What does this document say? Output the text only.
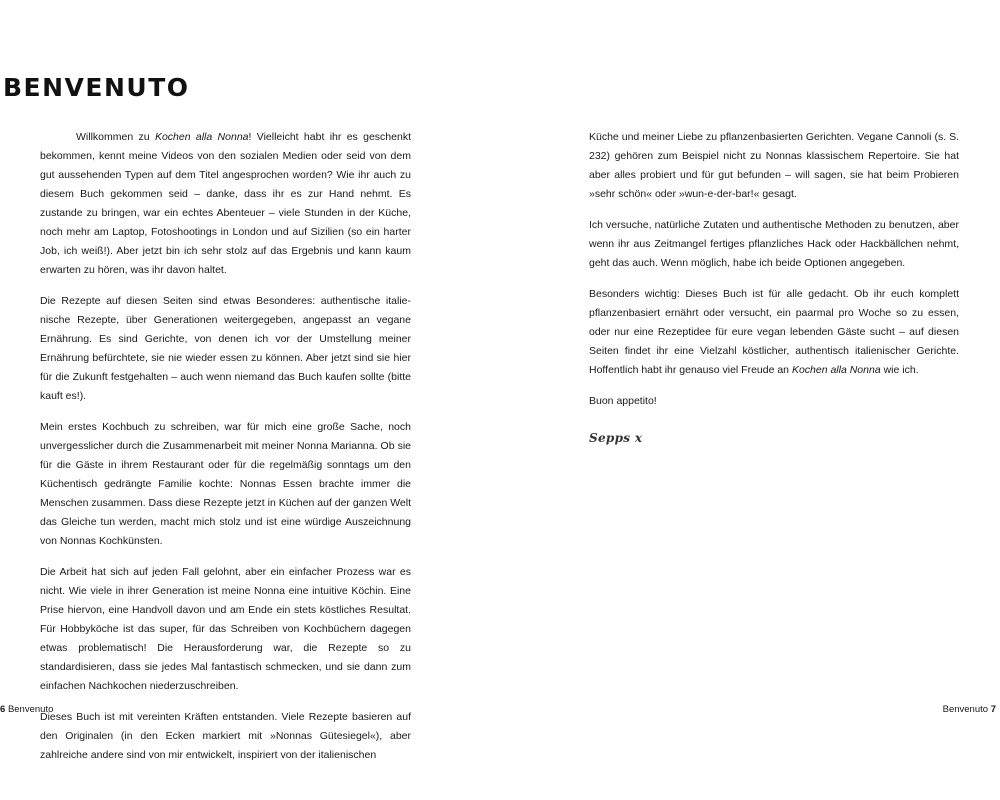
BENVENUTO

Willkommen zu Kochen alla Nonna! Vielleicht habt ihr es geschenkt bekommen, kennt meine Videos von den sozialen Medien oder seid von dem gut aussehenden Typen auf dem Titel angesprochen worden? Wie ihr auch zu diesem Buch gekommen seid – danke, dass ihr es zur Hand nehmt. Es zustande zu bringen, war ein echtes Abenteuer – viele Stunden in der Küche, noch mehr am Laptop, Fotoshootings in London und auf Sizilien (so ein harter Job, ich weiß!). Aber jetzt bin ich sehr stolz auf das Ergebnis und kann kaum erwarten zu hören, was ihr davon haltet.

Die Rezepte auf diesen Seiten sind etwas Besonderes: authentische italienische Rezepte, über Generationen weitergegeben, angepasst an vegane Ernährung. Es sind Gerichte, von denen ich vor der Umstellung meiner Ernährung befürchtete, sie nie wieder essen zu können. Aber jetzt sind sie hier für die Zukunft festgehalten – auch wenn niemand das Buch kaufen sollte (bitte kauft es!).

Mein erstes Kochbuch zu schreiben, war für mich eine große Sache, noch unvergesslicher durch die Zusammenarbeit mit meiner Nonna Marianna. Ob sie für die Gäste in ihrem Restaurant oder für die regelmäßig sonntags um den Küchentisch gedrängte Familie kochte: Nonnas Essen brachte immer die Menschen zusammen. Dass diese Rezepte jetzt in Küchen auf der ganzen Welt das Gleiche tun werden, macht mich stolz und ist eine würdige Auszeichnung von Nonnas Kochkünsten.

Die Arbeit hat sich auf jeden Fall gelohnt, aber ein einfacher Prozess war es nicht. Wie viele in ihrer Generation ist meine Nonna eine intuitive Köchin. Eine Prise hiervon, eine Handvoll davon und am Ende ein stets köstliches Resultat. Für Hobbyköche ist das super, für das Schreiben von Kochbüchern dagegen etwas problematisch! Die Herausforderung war, die Rezepte so zu standardisieren, dass sie jedes Mal fantastisch schmecken, und sie dann zum einfachen Nachkochen niederzuschreiben.

Dieses Buch ist mit vereinten Kräften entstanden. Viele Rezepte basieren auf den Originalen (in den Ecken markiert mit »Nonnas Gütesiegel«), aber zahlreiche andere sind von mir entwickelt, inspiriert von der italienischen

Küche und meiner Liebe zu pflanzenbasierten Gerichten. Vegane Cannoli (s. S. 232) gehören zum Beispiel nicht zu Nonnas klassischem Repertoire. Sie hat aber alles probiert und für gut befunden – will sagen, sie hat beim Probieren »sehr schön« oder »wun-e-der-bar!« gesagt.

Ich versuche, natürliche Zutaten und authentische Methoden zu benutzen, aber wenn ihr aus Zeitmangel fertiges pflanzliches Hack oder Hackbällchen nehmt, geht das auch. Wenn möglich, habe ich beide Optionen angegeben.

Besonders wichtig: Dieses Buch ist für alle gedacht. Ob ihr euch komplett pflanzenbasiert ernährt oder versucht, ein paarmal pro Woche so zu essen, oder nur eine Rezeptidee für eure vegan lebenden Gäste sucht – auf diesen Seiten findet ihr eine Vielzahl köstlicher, authentisch italienischer Gerichte. Hoffentlich habt ihr genauso viel Freude an Kochen alla Nonna wie ich.

Buon appetito!

Sepps x
6 Benvenuto	Benvenuto 7
